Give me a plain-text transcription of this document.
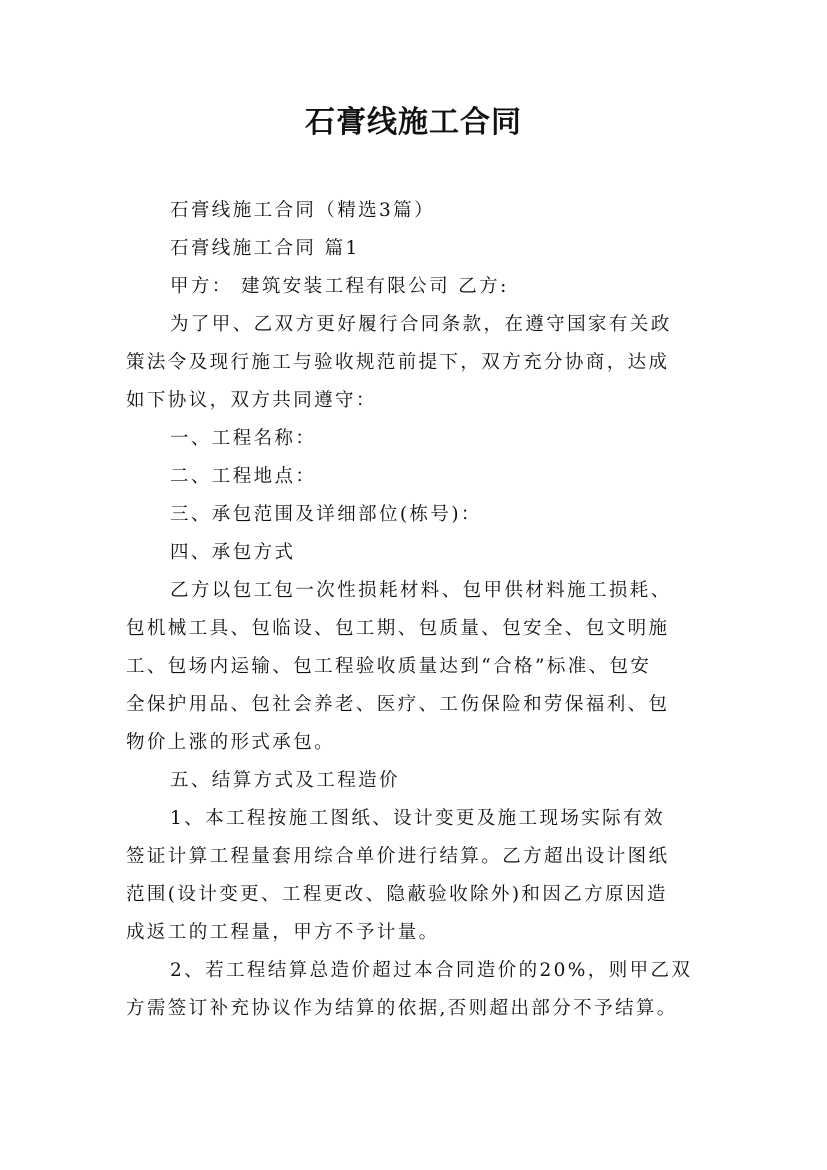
石膏线施工合同
石膏线施工合同（精选3篇）
石膏线施工合同 篇1
甲方： 建筑安装工程有限公司 乙方:
为了甲、乙双方更好履行合同条款，在遵守国家有关政
策法令及现行施工与验收规范前提下，双方充分协商，达成
如下协议，双方共同遵守：
一、工程名称：
二、工程地点：
三、承包范围及详细部位(栋号)：
四、承包方式
乙方以包工包一次性损耗材料、包甲供材料施工损耗、
包机械工具、包临设、包工期、包质量、包安全、包文明施
工、包场内运输、包工程验收质量达到“合格”标准、包安
全保护用品、包社会养老、医疗、工伤保险和劳保福利、包
物价上涨的形式承包。
五、结算方式及工程造价
1、本工程按施工图纸、设计变更及施工现场实际有效
签证计算工程量套用综合单价进行结算。乙方超出设计图纸
范围(设计变更、工程更改、隐蔽验收除外)和因乙方原因造
成返工的工程量，甲方不予计量。
2、若工程结算总造价超过本合同造价的20%，则甲乙双
方需签订补充协议作为结算的依据,否则超出部分不予结算。
